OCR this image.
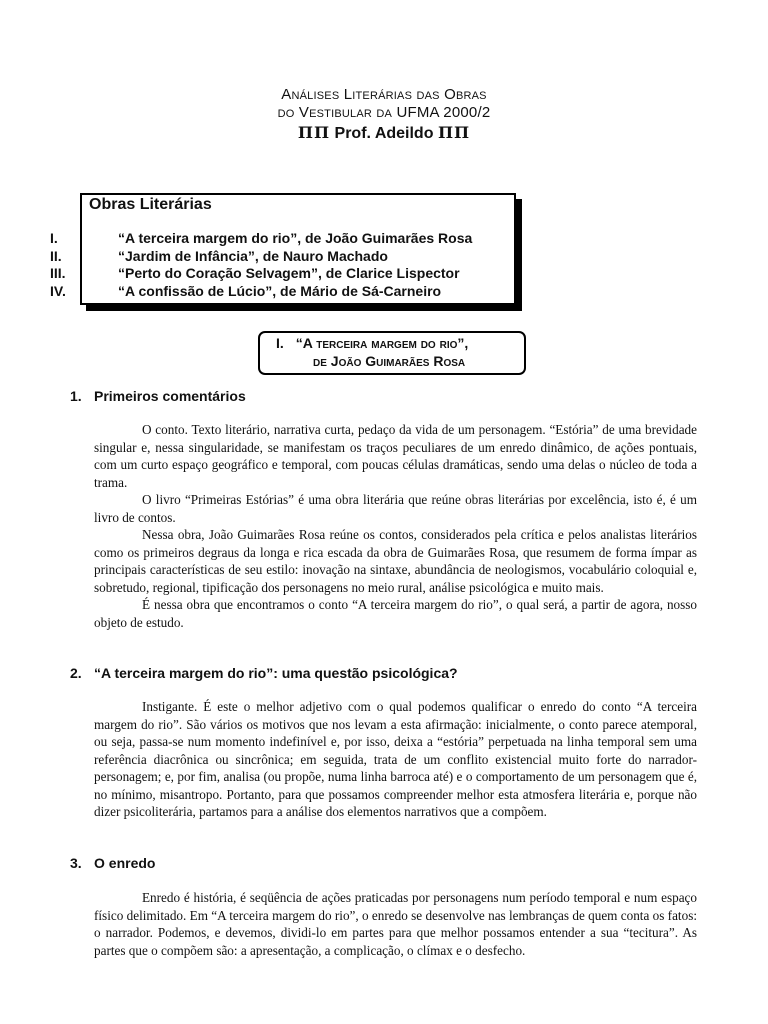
Análises Literárias das Obras
do Vestibular da UFMA 2000/2
ΠΠ Prof. Adeildo ΠΠ
Obras Literárias
I.	“A terceira margem do rio”, de João Guimarães Rosa
II.	“Jardim de Infância”, de Nauro Machado
III.	“Perto do Coração Selvagem”, de Clarice Lispector
IV.	“A confissão de Lúcio”, de Mário de Sá-Carneiro
I. “A terceira margem do rio”,
de João Guimarães Rosa
1. Primeiros comentários

O conto. Texto literário, narrativa curta, pedaço da vida de um personagem. “Estória” de uma brevidade singular e, nessa singularidade, se manifestam os traços peculiares de um enredo dinâmico, de ações pontuais, com um curto espaço geográfico e temporal, com poucas células dramáticas, sendo uma delas o núcleo de toda a trama.

O livro “Primeiras Estórias” é uma obra literária que reúne obras literárias por excelência, isto é, é um livro de contos.

Nessa obra, João Guimarães Rosa reúne os contos, considerados pela crítica e pelos analistas literários como os primeiros degraus da longa e rica escada da obra de Guimarães Rosa, que resumem de forma ímpar as principais características de seu estilo: inovação na sintaxe, abundância de neologismos, vocabulário coloquial e, sobretudo, regional, tipificação dos personagens no meio rural, análise psicológica e muito mais.

É nessa obra que encontramos o conto “A terceira margem do rio”, o qual será, a partir de agora, nosso objeto de estudo.

2. “A terceira margem do rio”: uma questão psicológica?

Instigante. É este o melhor adjetivo com o qual podemos qualificar o enredo do conto “A terceira margem do rio”. São vários os motivos que nos levam a esta afirmação: inicialmente, o conto parece atemporal, ou seja, passa-se num momento indefinível e, por isso, deixa a “estória” perpetuada na linha temporal sem uma referência diacrônica ou sincrônica; em seguida, trata de um conflito existencial muito forte do narrador-personagem; e, por fim, analisa (ou propõe, numa linha barroca até) e o comportamento de um personagem que é, no mínimo, misantropo. Portanto, para que possamos compreender melhor esta atmosfera literária e, porque não dizer psicoliterária, partamos para a análise dos elementos narrativos que a compõem.

3. O enredo

Enredo é história, é seqüência de ações praticadas por personagens num período temporal e num espaço físico delimitado. Em “A terceira margem do rio”, o enredo se desenvolve nas lembranças de quem conta os fatos: o narrador. Podemos, e devemos, dividi-lo em partes para que melhor possamos entender a sua “tecitura”. As partes que o compõem são: a apresentação, a complicação, o clímax e o desfecho.
